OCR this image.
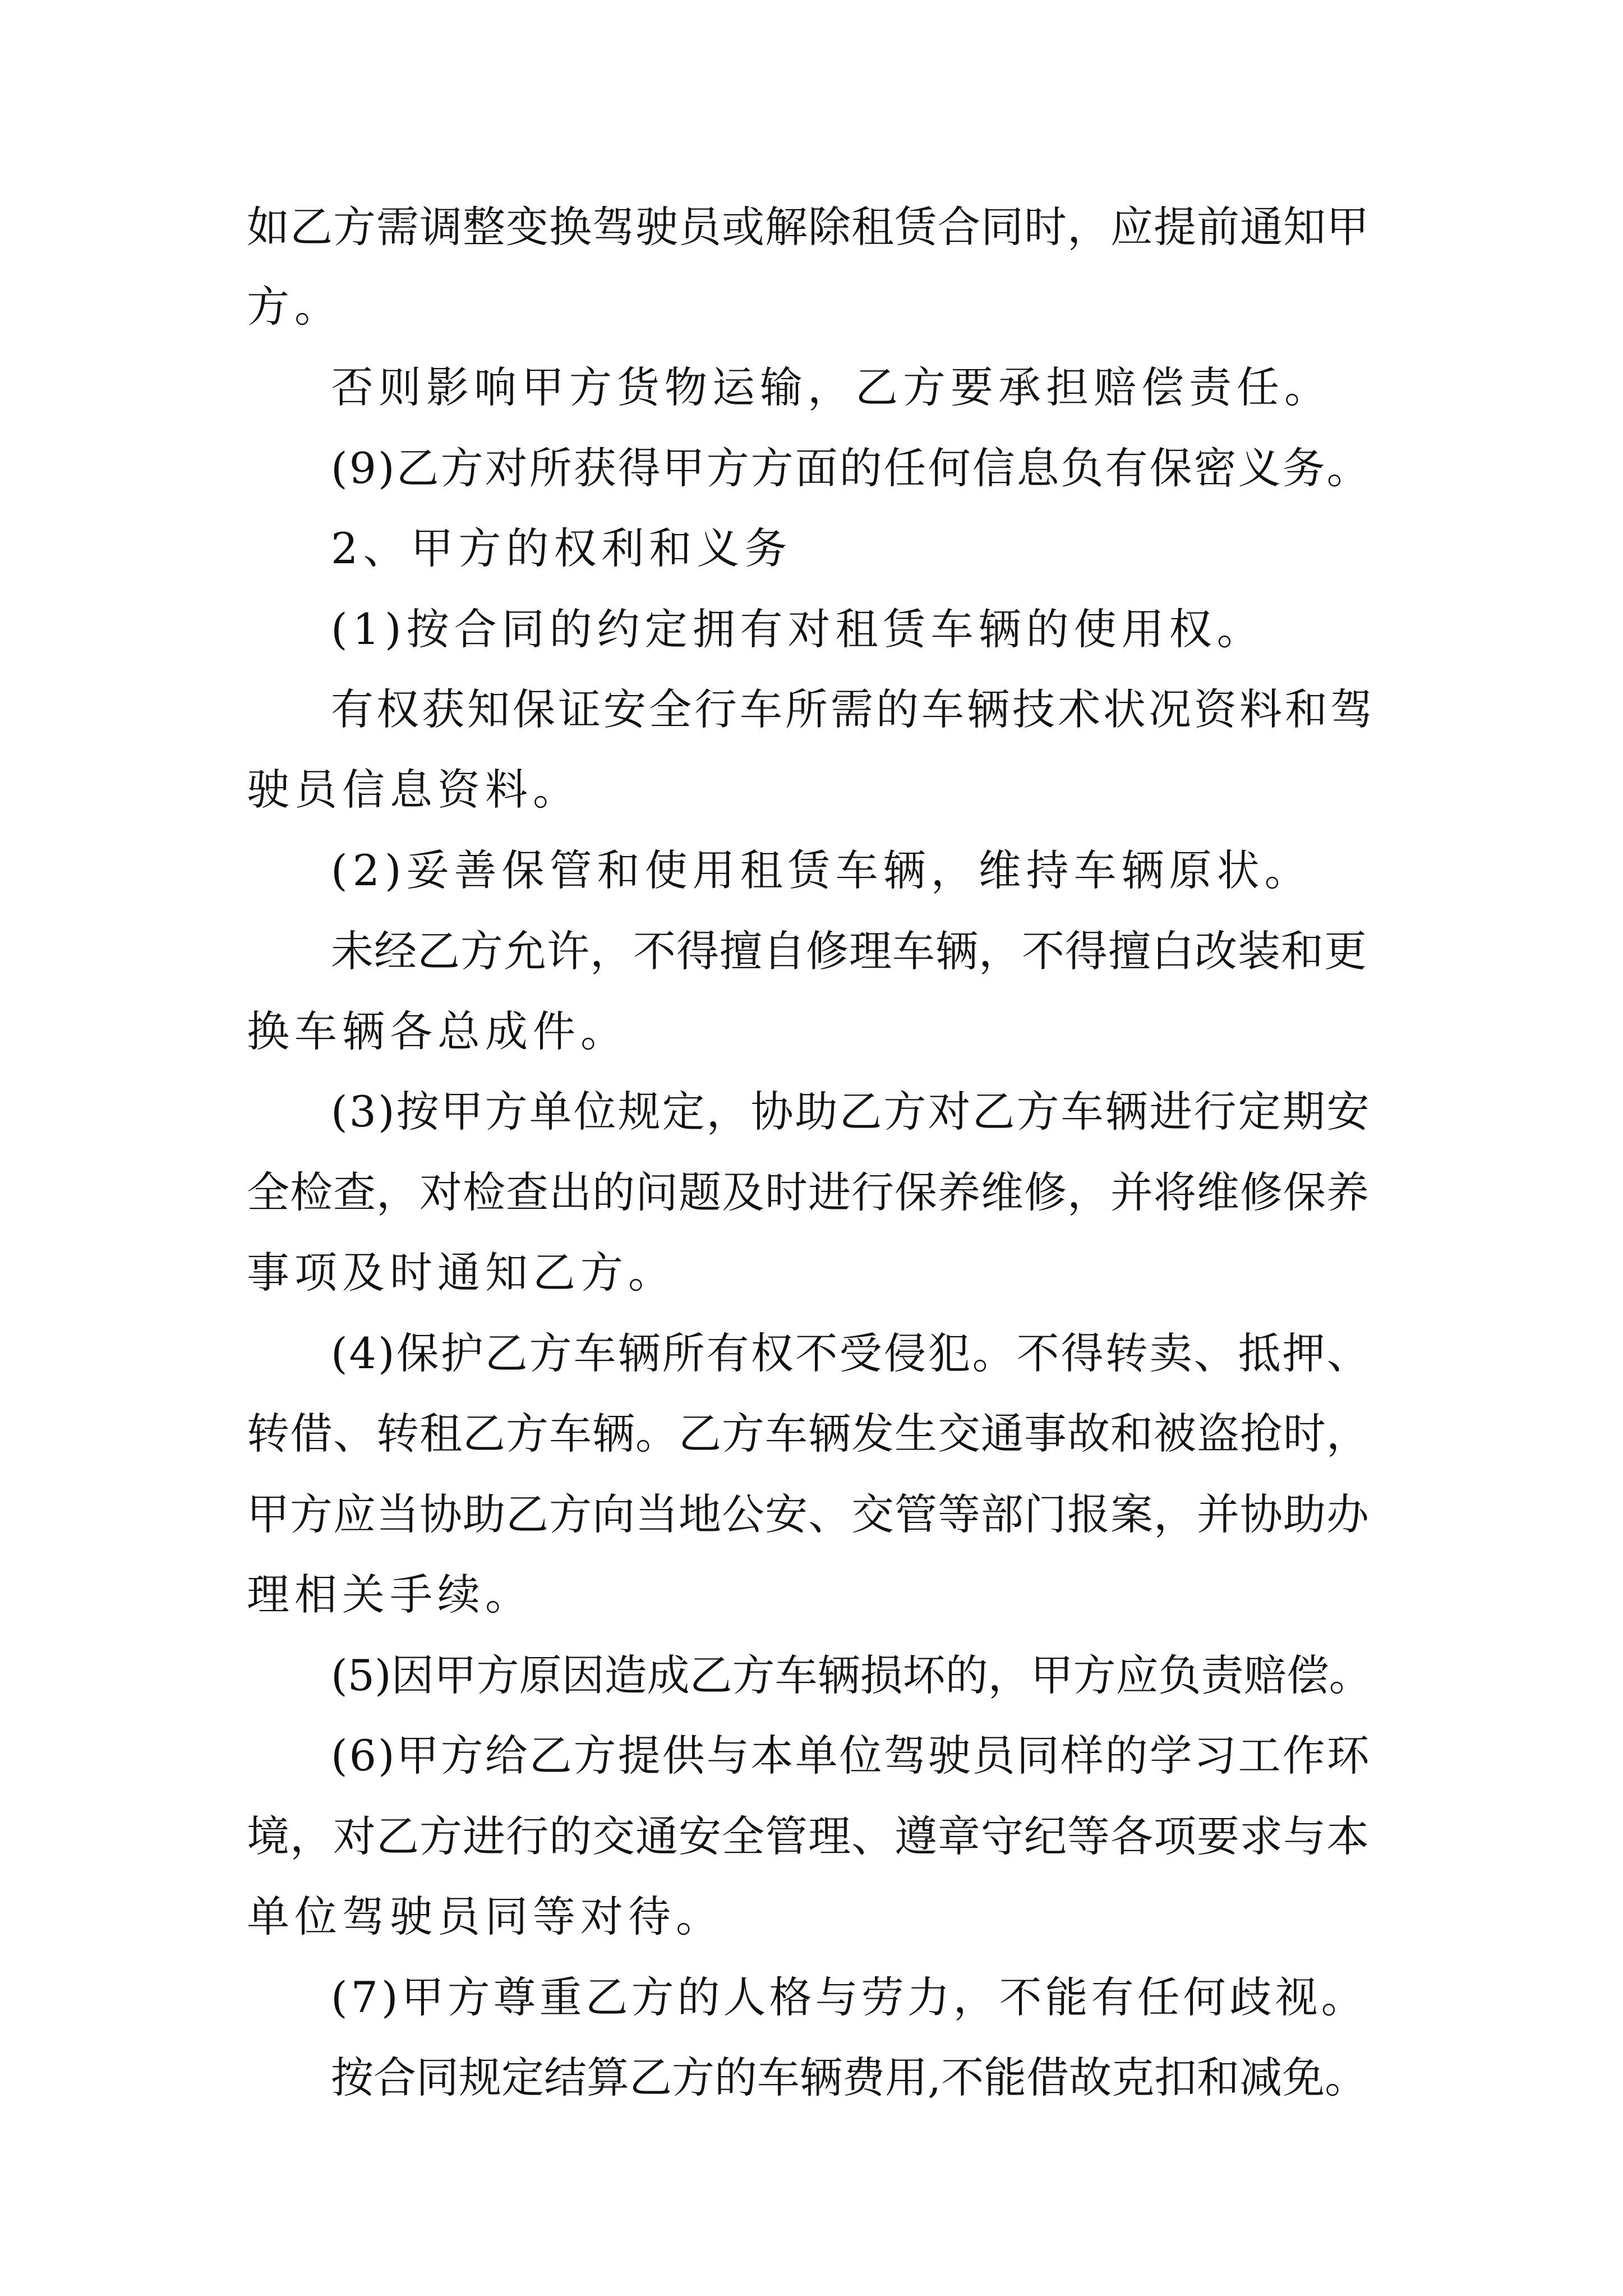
如乙方需调整变换驾驶员或解除租赁合同时，应提前通知甲
方。
否则影响甲方货物运输，乙方要承担赔偿责任。
(9)乙方对所获得甲方方面的任何信息负有保密义务。
2、甲方的权利和义务
(1)按合同的约定拥有对租赁车辆的使用权。
有权获知保证安全行车所需的车辆技术状况资料和驾
驶员信息资料。
(2)妥善保管和使用租赁车辆，维持车辆原状。
未经乙方允许，不得擅自修理车辆，不得擅白改装和更
换车辆各总成件。
(3)按甲方单位规定，协助乙方对乙方车辆进行定期安
全检查，对检查出的问题及时进行保养维修，并将维修保养
事项及时通知乙方。
(4)保护乙方车辆所有权不受侵犯。不得转卖、抵押、
转借、转租乙方车辆。乙方车辆发生交通事故和被盗抢时，
甲方应当协助乙方向当地公安、交管等部门报案，并协助办
理相关手续。
(5)因甲方原因造成乙方车辆损坏的，甲方应负责赔偿。
(6)甲方给乙方提供与本单位驾驶员同样的学习工作环
境，对乙方进行的交通安全管理、遵章守纪等各项要求与本
单位驾驶员同等对待。
(7)甲方尊重乙方的人格与劳力，不能有任何歧视。
按合同规定结算乙方的车辆费用,不能借故克扣和减免。
